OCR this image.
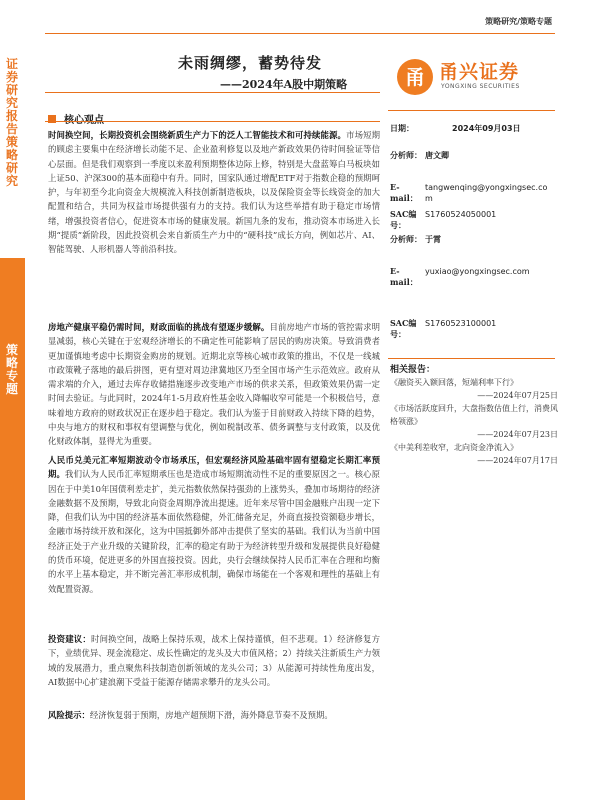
证券研究报告 策略研究
策略专题
策略研究/策略专题
未雨绸缪，蓄势待发
——2024年A股中期策略	甬 甬兴证券
YONGXING SECURITIES
核心观点
时间换空间，长期投资机会围绕新质生产力下的泛人工智能技术和可持续能源。市场短期的顾虑主要集中在经济增长动能不足、企业盈利修复以及地产新政效果仍待时间验证等信心层面。但是我们观察到一季度以来盈利预期整体边际上修，特别是大盘蓝筹白马板块如上证50、沪深300的基本面稳中有升。同时，国家队通过增配ETF对于指数企稳的预期呵护，与年初至今北向资金大规模流入科技创新制造板块，以及保险资金等长线资金的加大配置和结合，共同为权益市场提供强有力的支持。我们认为这些举措有助于稳定市场情绪，增强投资者信心，促进资本市场的健康发展。新国九条的发布，推动资本市场进入长期“提质”新阶段，因此投资机会来自新质生产力中的“硬科技”成长方向，例如芯片、AI、智能驾驶、人形机器人等前沿科技。
房地产健康平稳仍需时间，财政面临的挑战有望逐步缓解。目前房地产市场的管控需求明显减弱，核心关键在于宏观经济增长的不确定性可能影响了居民的购房决策。导致消费者更加谨慎地考虑中长期资金购房的规划。近期北京等核心城市政策的推出，不仅是一线城市政策靴子落地的最后拼图，更有望对周边津冀地区乃至全国市场产生示范效应。政府从需求端的介入，通过去库存收储措施逐步改变地产市场的供求关系，但政策效果仍需一定时间去验证。与此同时，2024年1-5月政府性基金收入降幅收窄可能是一个积极信号，意味着地方政府的财政状况正在逐步趋于稳定。我们认为鉴于目前财政入持续下降的趋势，中央与地方的财权和事权有望调整与优化，例如税制改革、债务调整与支付政策，以及优化财政体制，显得尤为重要。
人民币兑美元汇率短期波动令市场承压，但宏观经济风险基础牢固有望稳定长期汇率预期。我们认为人民币汇率短期承压也是造成市场短期流动性不足的重要原因之一。核心原因在于中美10年国债利差走扩，美元指数依然保持强劲的上涨势头，叠加市场期待的经济金融数据不及预期，导致北向资金周期净流出提速。近年来尽管中国金融账户出现一定下降，但我们认为中国的经济基本面依然稳健，外汇储备充足，外商直接投资额稳步增长，金融市场持续开放和深化，这为中国抵御外部冲击提供了坚实的基础。我们认为当前中国经济正处于产业升级的关键阶段，汇率的稳定有助于为经济转型升级和发展提供良好稳健的货币环境，促进更多的外国直接投资。因此，央行会继续保持人民币汇率在合理和均衡的水平上基本稳定，并不断完善汇率形成机制，确保市场能在一个客观和理性的基础上有效配置资源。
投资建议：时间换空间，战略上保持乐观，战术上保持谨慎，但不悲观。1）经济修复方下，业绩优异、现金流稳定、成长性确定的龙头及大市值风格；2）持续关注新质生产力领域的发展潜力，重点聚焦科技制造创新领域的龙头公司；3）从能源可持续性角度出发，AI数据中心扩建浪潮下受益于能源存储需求攀升的龙头公司。
风险提示：经济恢复弱于预期，房地产超预期下滑，海外降息节奏不及预期。
日期：	2024年09月03日
分析师： 唐文卿
E-mail：tangwenqing@yongxingsec.com
SAC编号：S1760524050001
分析师： 于霄
E-mail：yuxiao@yongxingsec.com
SAC编号：S1760523100001
相关报告：
《融资买入额回落，短端利率下行》
——2024年07月25日
《市场活跃度回升，大盘指数估值上行，消费风格领涨》
——2024年07月23日
《中美利差收窄，北向资金净流入》
——2024年07月17日
